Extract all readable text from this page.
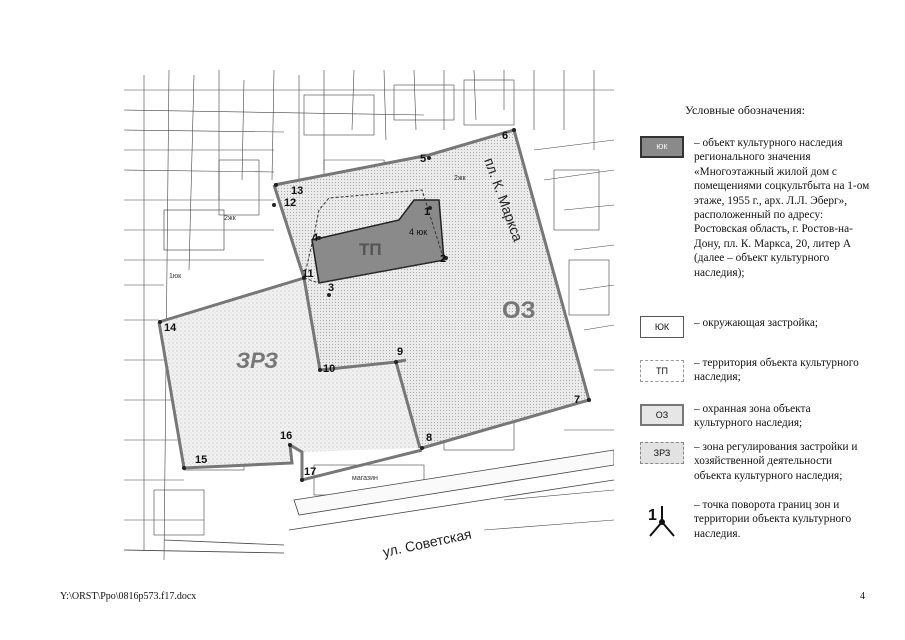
1
2
3
4
5
6
7
8
9
10
11
12
13
14
15
16
17
ТП
ОЗ
ЗРЗ
4 юк	пл. К. Маркса
ул. Советская
2жк
1юк
2жк
магазин
Условные обозначения:
ЮК – объект культурного наследия регионального значения «Многоэтажный жилой дом с помещениями соцкультбыта на 1-ом этаже, 1955 г., арх. Л.Л. Эберг», расположенный по адресу: Ростовская область, г. Ростов-на-Дону, пл. К. Маркса, 20, литер А (далее – объект культурного наследия);
ЮК	– окружающая застройка;
ТП
– территория объекта культурного наследия;
ОЗ	– охранная зона объекта культурного наследия;
ЗРЗ	– зона регулирования застройки и хозяйственной деятельности объекта культурного наследия;
1
– точка поворота границ зон и территории объекта культурного наследия.
Y:\ORST\Ppo\0816p573.f17.docx	4
